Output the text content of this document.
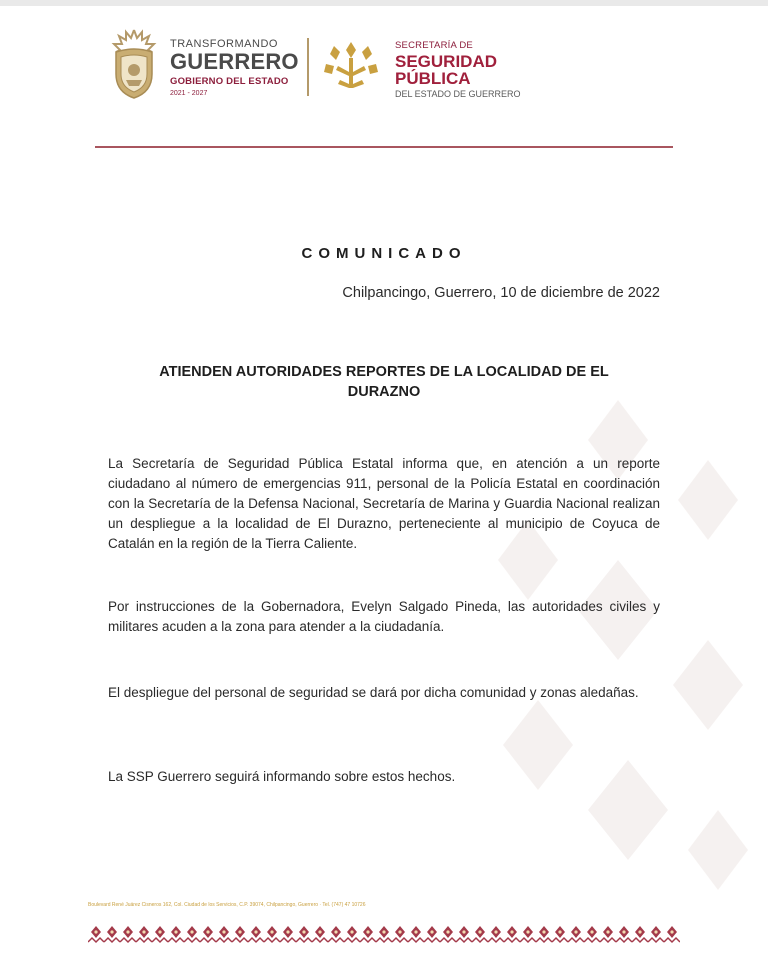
TRANSFORMANDO
GUERRERO
GOBIERNO DEL ESTADO
2021 - 2027
SECRETARÍA DE
SEGURIDAD
PÚBLICA
DEL ESTADO DE GUERRERO
COMUNICADO
Chilpancingo, Guerrero, 10 de diciembre de 2022
ATIENDEN AUTORIDADES REPORTES DE LA LOCALIDAD DE EL
DURAZNO
La Secretaría de Seguridad Pública Estatal informa que, en atención a un reporte ciudadano al número de emergencias 911, personal de la Policía Estatal en coordinación con la Secretaría de la Defensa Nacional, Secretaría de Marina y Guardia Nacional realizan un despliegue a la localidad de El Durazno, perteneciente al municipio de Coyuca de Catalán en la región de la Tierra Caliente.
Por instrucciones de la Gobernadora, Evelyn Salgado Pineda, las autoridades civiles y militares acuden a la zona para atender a la ciudadanía.
El despliegue del personal de seguridad se dará por dicha comunidad y zonas aledañas.
La SSP Guerrero seguirá informando sobre estos hechos.
Boulevard René Juárez Cisneros 162, Col. Ciudad de los Servicios, C.P. 39074, Chilpancingo, Guerrero · Tel. (747) 47 10726
